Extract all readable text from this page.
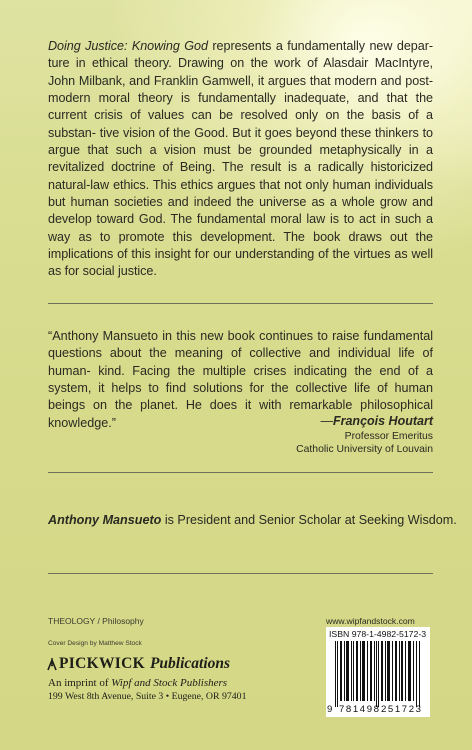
Doing Justice: Knowing God represents a fundamentally new depar- ture in ethical theory. Drawing on the work of Alasdair MacIntyre, John Milbank, and Franklin Gamwell, it argues that modern and post- modern moral theory is fundamentally inadequate, and that the current crisis of values can be resolved only on the basis of a substan- tive vision of the Good. But it goes beyond these thinkers to argue that such a vision must be grounded metaphysically in a revitalized doctrine of Being. The result is a radically historicized natural-law ethics. This ethics argues that not only human individuals but human societies and indeed the universe as a whole grow and develop toward God. The fundamental moral law is to act in such a way as to promote this development. The book draws out the implications of this insight for our understanding of the virtues as well as for social justice.
“Anthony Mansueto in this new book continues to raise fundamental questions about the meaning of collective and individual life of human- kind. Facing the multiple crises indicating the end of a system, it helps to find solutions for the collective life of human beings on the planet. He does it with remarkable philosophical knowledge.”	—François Houtart
Professor Emeritus
Catholic University of Louvain
Anthony Mansueto is President and Senior Scholar at Seeking Wisdom.
THEOLOGY / Philosophy
Cover Design by Matthew Stock
PICKWICK Publications
An imprint of Wipf and Stock Publishers
199 West 8th Avenue, Suite 3 • Eugene, OR 97401
www.wipfandstock.com
ISBN 978-1-4982-5172-3
9 781498 251723
